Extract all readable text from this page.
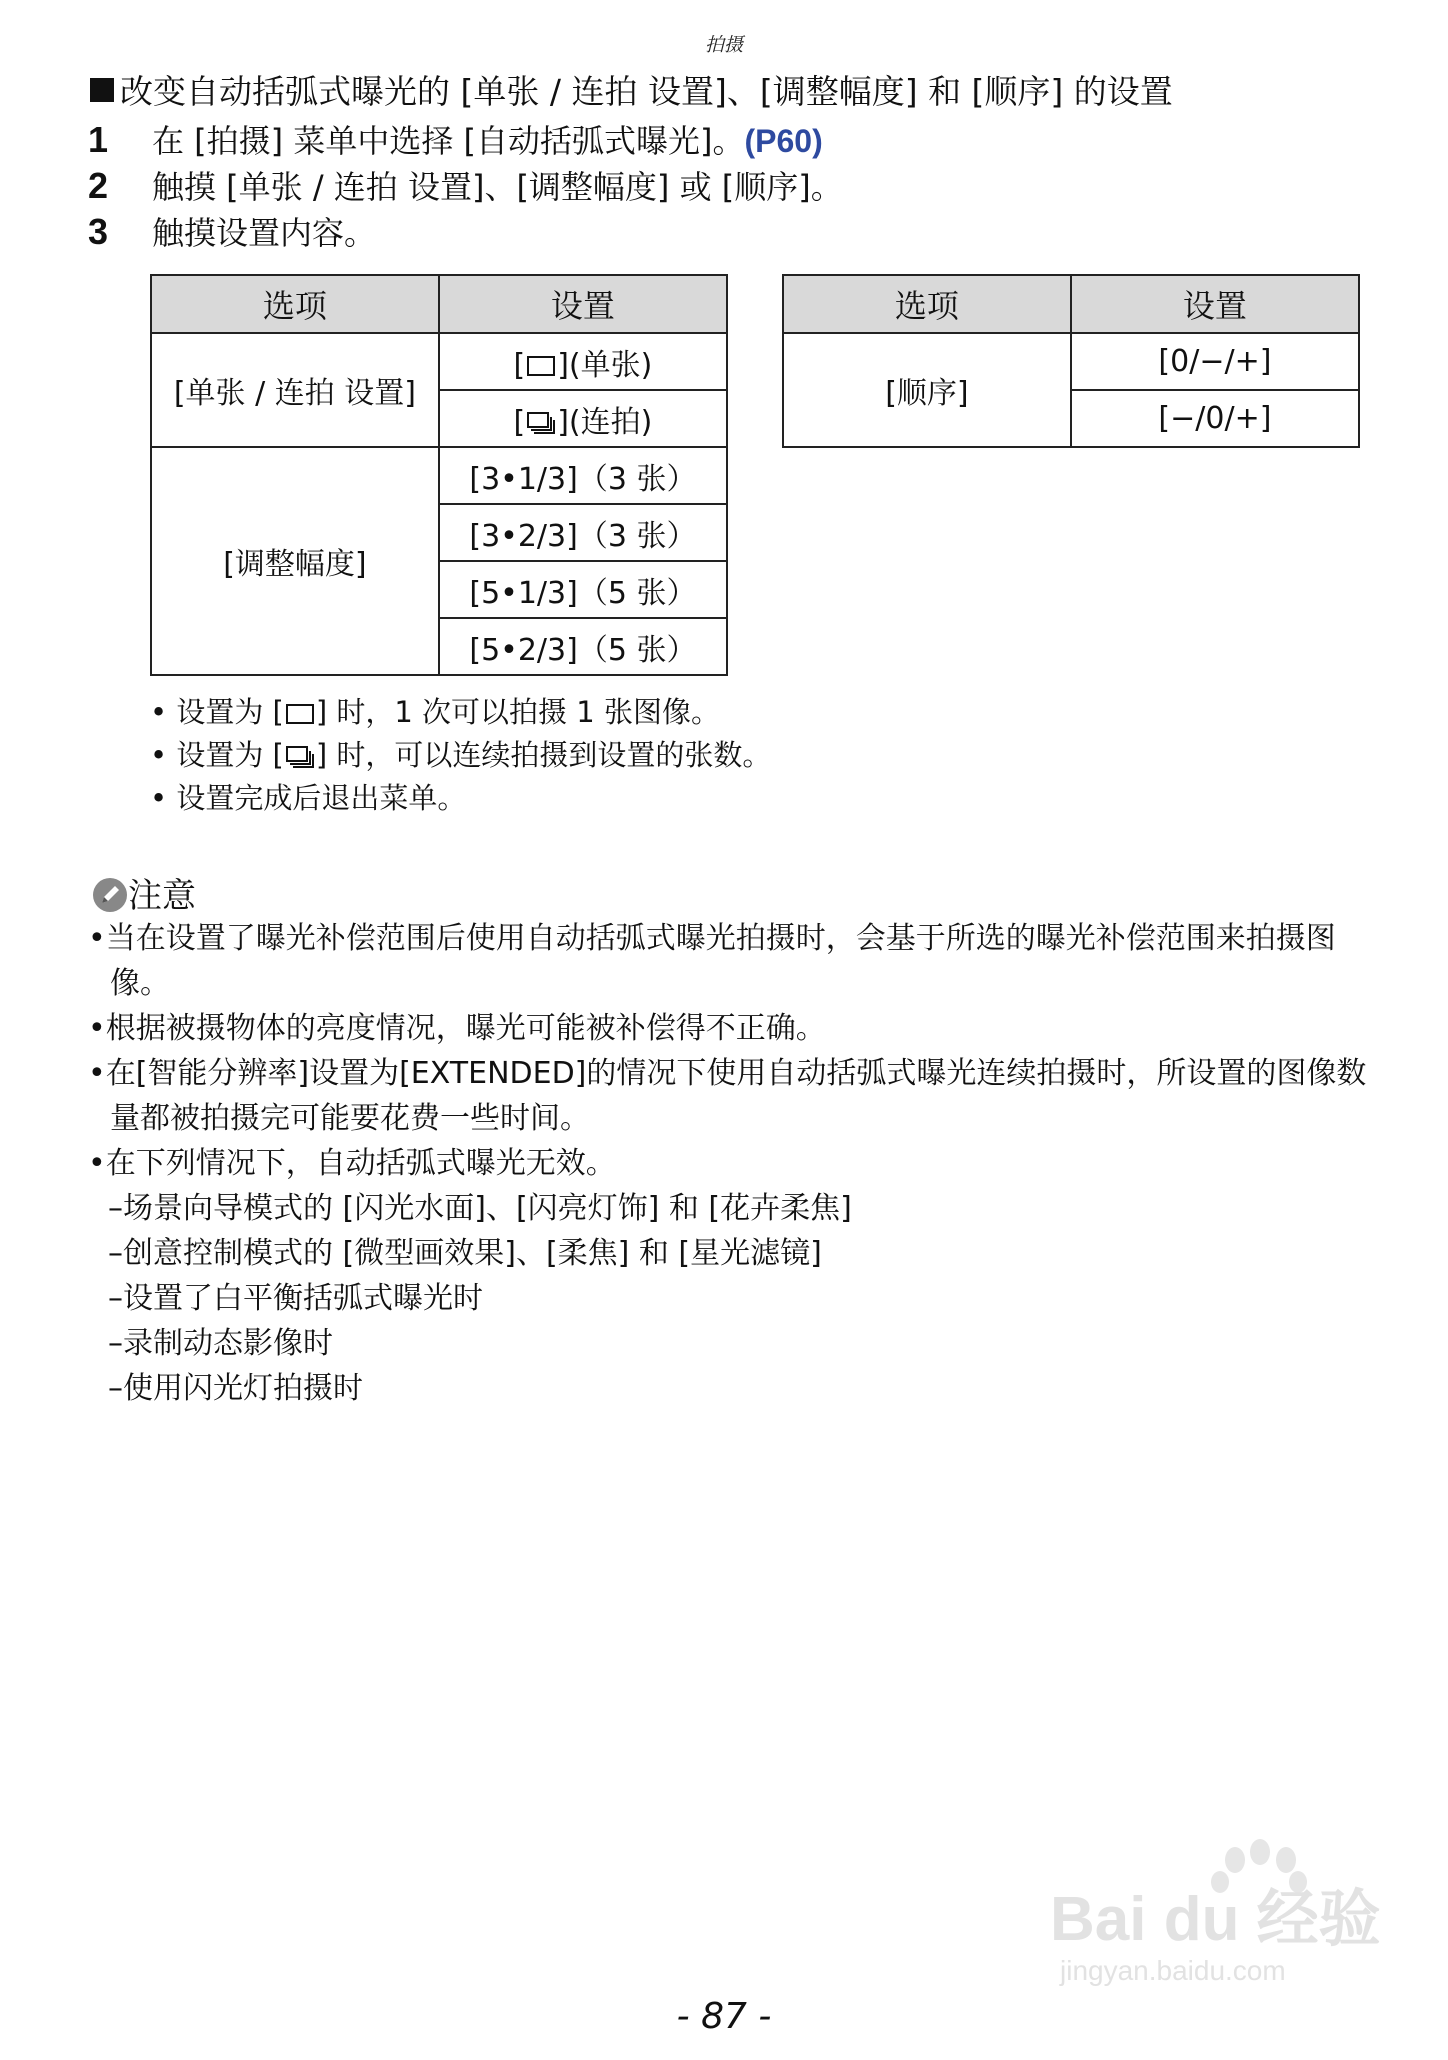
拍摄
改变自动括弧式曝光的 [单张 / 连拍 设置]、[调整幅度] 和 [顺序] 的设置
1 在 [拍摄] 菜单中选择 [自动括弧式曝光]。(P60)
2 触摸 [单张 / 连拍 设置]、[调整幅度] 或 [顺序]。
3 触摸设置内容。
选项	设置
[单张 / 连拍 设置]	[ ](单张)
	[ ](连拍)
[调整幅度]	[3•1/3]（3 张）
	[3•2/3]（3 张）
	[5•1/3]（5 张）
	[5•2/3]（5 张）
选项	设置
[顺序]	[0/−/+]
	[−/0/+]
• 设置为 [ ] 时，1 次可以拍摄 1 张图像。
• 设置为 [ ] 时，可以连续拍摄到设置的张数。
• 设置完成后退出菜单。
注意
•当在设置了曝光补偿范围后使用自动括弧式曝光拍摄时，会基于所选的曝光补偿范围来拍摄图像。
•根据被摄物体的亮度情况，曝光可能被补偿得不正确。
•在[智能分辨率]设置为[EXTENDED]的情况下使用自动括弧式曝光连续拍摄时，所设置的图像数量都被拍摄完可能要花费一些时间。
•在下列情况下，自动括弧式曝光无效。
–场景向导模式的 [闪光水面]、[闪亮灯饰] 和 [花卉柔焦]
–创意控制模式的 [微型画效果]、[柔焦] 和 [星光滤镜]
–设置了白平衡括弧式曝光时
–录制动态影像时
–使用闪光灯拍摄时
Bai du 经验
jingyan.baidu.com
- 87 -
